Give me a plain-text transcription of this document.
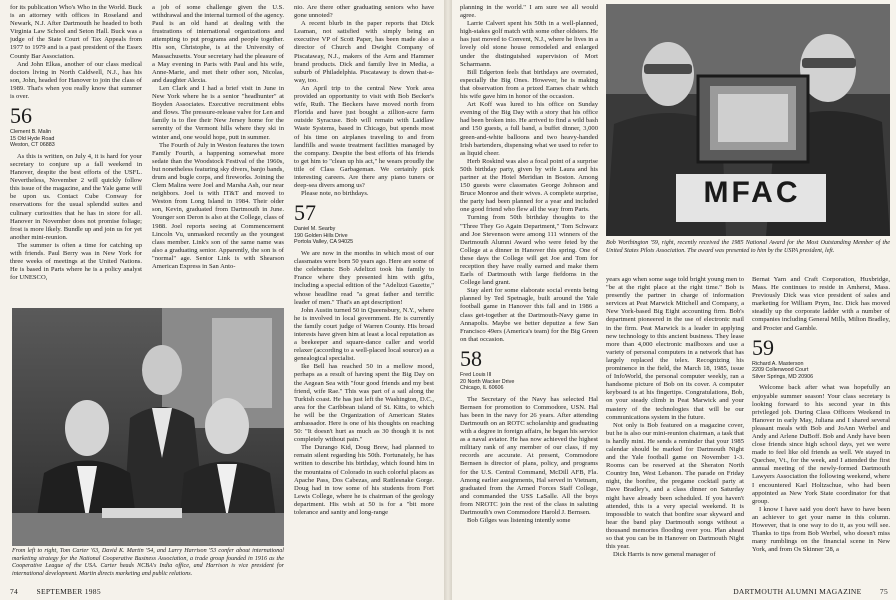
for its publication Who's Who in the World. Buck is an attorney with offices in Roseland and Newark, N.J. After Dartmouth he headed to both Virginia Law School and Seton Hall. Buck was a judge of the State Court of Tax Appeals from 1977 to 1979 and is a past president of the Essex County Bar Association.

And John Elkas, another of our class medical doctors living in North Caldwell, N.J., has his son, John, headed for Hanover to join the class of 1989. That's when you really know that summer is over.

56
Clement B. Malin
15 Old Hyde Road
Weston, CT 06883

As this is written, on July 4, it is hard for your secretary to conjure up a fall weekend in Hanover, despite the best efforts of the USFL. Nevertheless, November 2 will quickly follow this issue of the magazine, and the Yale game will be upon us. Contact Cube Conway for reservations for the usual splendid suites and culinary curiosities that he has in store for all. Hanover in November does not promise foliage; frost is more likely. Bundle up and join us for yet another mini-reunion.

The summer is often a time for catching up with friends. Paul Berry was in New York for three weeks of meetings at the United Nations. He is based in Paris where he is a policy analyst for UNESCO,

a job of some challenge given the U.S. withdrawal and the internal turmoil of the agency. Paul is an old hand at dealing with the frustrations of international organizations and attempting to put programs and people together. His son, Christophe, is at the University of Massachusetts. Your secretary had the pleasure of a May evening in Paris with Paul and his wife, Anne-Marie, and met their other son, Nicolas, and daughter Alexia.

Len Clark and I had a brief visit in June in New York where he is a senior "headhunter" at Boyden Associates. Executive recruitment ebbs and flows. The pressure-release valve for Len and family is to flee their New Jersey home for the serenity of the Vermont hills where they ski in winter and, one would hope, putt in summer.

The Fourth of July in Weston features the town Family Fourth, a happening somewhat more sedate than the Woodstock Festival of the 1960s, but nonetheless featuring sky divers, banjo bands, drum and bugle corps, and fireworks. Joining the Clem Malins were Joel and Marsha Ash, our near neighbors. Joel is with IT&T and moved to Weston from Long Island in 1984. Their older son, Kevin, graduated from Dartmouth in June. Younger son Deron is also at the College, class of 1988. Joel reports seeing at Commencement Lincoln Vu, unmasked recently as the youngest class member. Link's son of the same name was also a graduating senior. Apparently, the son is of "normal" age. Senior Link is with Shearson American Express in San Anto-

nio. Are there other graduating seniors who have gone unnoted?

A recent blurb in the paper reports that Dick Leaman, not satisfied with simply being an executive VP of Scott Paper, has been made also a director of Church and Dwight Company of Piscataway, N.J., makers of the Arm and Hammer brand products. Dick and family live in Media, a suburb of Philadelphia. Piscataway is down that-a-way, too.

An April trip to the central New York area provided an opportunity to visit with Bob Becker's wife, Ruth. The Beckers have moved north from Florida and have just bought a zillion-acre farm outside Syracuse. Bob will remain with Laidlaw Waste Systems, based in Chicago, but spends most of his time on airplanes traveling to and from landfills and waste treatment facilities managed by the company. Despite the best efforts of his friends to get him to "clean up his act," he wears proudly the title of Class Garbageman. We certainly pick interesting careers. Are there any piano tuners or deep-sea divers among us?

Please note, no birthdays.

57
Daniel M. Searby
190 Golden Hills Drive
Portola Valley, CA 94025

We are now in the months in which most of our classmates were born 50 years ago. Here are some of the celebrants: Bob Adelizzi took his family to France where they presented him with gifts, including a special edition of the "Adelizzi Gazette," whose headline read "a great father and terrific leader of men." That's an apt description!

John Austin turned 50 in Queensbury, N.Y., where he is involved in local government. He is currently the family court judge of Warren County. His broad interests have given him at least a local reputation as a beekeeper and square-dance caller and world relaxer (according to a well-placed local source) as a genealogical specialist.

Ike Bell has reached 50 in a mellow mood, perhaps as a result of having spent the Big Day on the Aegean Sea with "four good friends and my best friend, wife Rae." This was part of a sail along the Turkish coast. He has just left the Washington, D.C., area for the Caribbean island of St. Kitts, to which he will be the Organization of American States ambassador. Here is one of his thoughts on reaching 50: "It doesn't hurt as much as 30 though it is not completely without pain."

The Durango Kid, Doug Brew, had planned to remain silent regarding his 50th. Fortunately, he has written to describe his birthday, which found him in the mountains of Colorado in such colorful places as Apache Pass, Dos Cabezas, and Rattlesnake Gorge. Doug had in tow some of his students from Fort Lewis College, where he is chairman of the geology department. His wish at 50 is for a "bit more tolerance and sanity and long-range

From left to right, Tom Carter '63, David K. Martin '54, and Larry Harrison '53 confer about international marketing strategy for the National Cooperative Business Association, a trade group founded in 1916 as the Cooperative League of the USA. Carter heads NCBA's India office, and Harrison is vice president for international development. Martin directs marketing and public relations.
74 SEPTEMBER 1985

planning in the world." I am sure we all would agree.

Larrie Calvert spent his 50th in a well-planned, high-stakes golf match with some other oldsters. He has just moved to Convent, N.J., where he lives in a lovely old stone house remodeled and enlarged under the distinguished supervision of Mort Scharmann.

Bill Edgerton feels that birthdays are overrated, especially the Big Ones. However, he is making that observation from a prized Eames chair which his wife gave him in honor of the occasion.

Art Koff was lured to his office on Sunday evening of the Big Day with a story that his office had been broken into. He arrived to find a wild bash and 150 guests, a full band, a buffet dinner, 3,000 green-and-white balloons and two heavy-handed Irish bartenders, dispensing what we used to refer to as liquid cheer.

Herb Roskind was also a focal point of a surprise 50th birthday party, given by wife Laura and his partner at the Hotel Meridian in Boston. Among 150 guests were classmates George Johnson and Bruce Monroe and their wives. A complete surprise, the party had been planned for a year and included one good friend who flew all the way from Paris.

Turning from 50th birthday thoughts to the "Three They Go Again Department," Tom Schwarz and Joe Stevenson were among 111 winners of the Dartmouth Alumni Award who were feted by the College at a dinner in Hanover this spring. One of these days the College will get Joe and Tom for reception they have really earned and make them Earls of Dartmouth with large fiefdoms in the College land grant.

Stay alert for some elaborate social events being planned by Ted Spetnagle, built around the Yale football game in Hanover this fall and in 1986 a class get-together at the Dartmouth-Navy game in Annapolis. Maybe we better deputize a few San Francisco 49ers (America's team) for the Big Green on that occasion.

58
Fred Louis III
20 North Wacker Drive
Chicago, IL 60606

The Secretary of the Navy has selected Hal Bernsen for promotion to Commodore, USN. Hal has been in the navy for 26 years. After attending Dartmouth on an ROTC scholarship and graduating with a degree in foreign affairs, he began his service as a naval aviator. He has now achieved the highest military rank of any member of our class, if my records are accurate. At present, Commodore Bernsen is director of plans, policy, and programs for the U.S. Central Command, McDill AFB, Fla. Among earlier assignments, Hal served in Vietnam, graduated from the Armed Forces Staff College, and commanded the USS LaSalle. All the boys from NROTC join the rest of the class in saluting Dartmouth's own Commodore Harold J. Bernsen.

Bob Gilges was listening intently some

MFAC
Bob Worthington '59, right, recently received the 1985 National Award for the Most Outstanding Member of the United States Pilots Association. The award was presented to him by the USPA president, left.

years ago when some sage told bright young men to "be at the right place at the right time." Bob is presently the partner in charge of information services at Peat Marwick Mitchell and Company, a New York-based Big Eight accounting firm. Bob's department pioneered in the use of electronic mail in the firm. Peat Marwick is a leader in applying new technology to this ancient business. They lease more than 4,000 electronic mailboxes and use a variety of personal computers in a network that has largely replaced the telex. Recognizing his prominence in the field, the March 18, 1985, issue of InfoWorld, the personal computer weekly, ran a handsome picture of Bob on its cover. A computer keyboard is at his fingertips. Congratulations, Bob, on your steady climb in Peat Marwick and your mastery of the technologies that will be our communications system in the future.

Not only is Bob featured on a magazine cover, but he is also our mini-reunion chairman, a task that is hardly mini. He sends a reminder that your 1985 calendar should be marked for Dartmouth Night and the Yale football game on November 1-3. Rooms can be reserved at the Sheraton North Country Inn, West Lebanon. The parade on Friday night, the bonfire, the pregame cocktail party at Dave Bradley's, and a class dinner on Saturday night have already been scheduled. If you haven't attended, this is a very special weekend. It is impossible to watch that bonfire soar skyward and hear the band play Dartmouth songs without a thousand memories flooding over you. Plan ahead so that you can be in Hanover on Dartmouth Night this year.

Dick Harris is now general manager of

Bernat Yarn and Craft Corporation, Huxbridge, Mass. He continues to reside in Amherst, Mass. Previously Dick was vice president of sales and marketing for William Prym, Inc. Dick has moved steadily up the corporate ladder with a number of companies including General Mills, Milton Bradley, and Procter and Gamble.

59
Richard A. Masterson
2209 Collenwood Court
Silver Springs, MD 20906

Welcome back after what was hopefully an enjoyable summer season! Your class secretary is looking forward to his second year in this privileged job. During Class Officers Weekend in Hanover in early May, Juliana and I shared several pleasant meals with Bob and JoAnn Werbel and Andy and Arlene DuBoff. Bob and Andy have been close friends since high school days, yet we were made to feel like old friends as well. We stayed in Quechee, Vt., for the week, and I attended the first annual meeting of the newly-formed Dartmouth Lawyers Association the following weekend, where I encountered Karl Holtzschue, who had been appointed as New York State coordinator for that group.

I know I have said you don't have to have been an achiever to get your name in this column. However, that is one way to do it, as you will see. Thanks to tips from Bob Werbel, who doesn't miss many rumblings on the financial scene in New York, and from Os Skinner '28, a

DARTMOUTH ALUMNI MAGAZINE 75
